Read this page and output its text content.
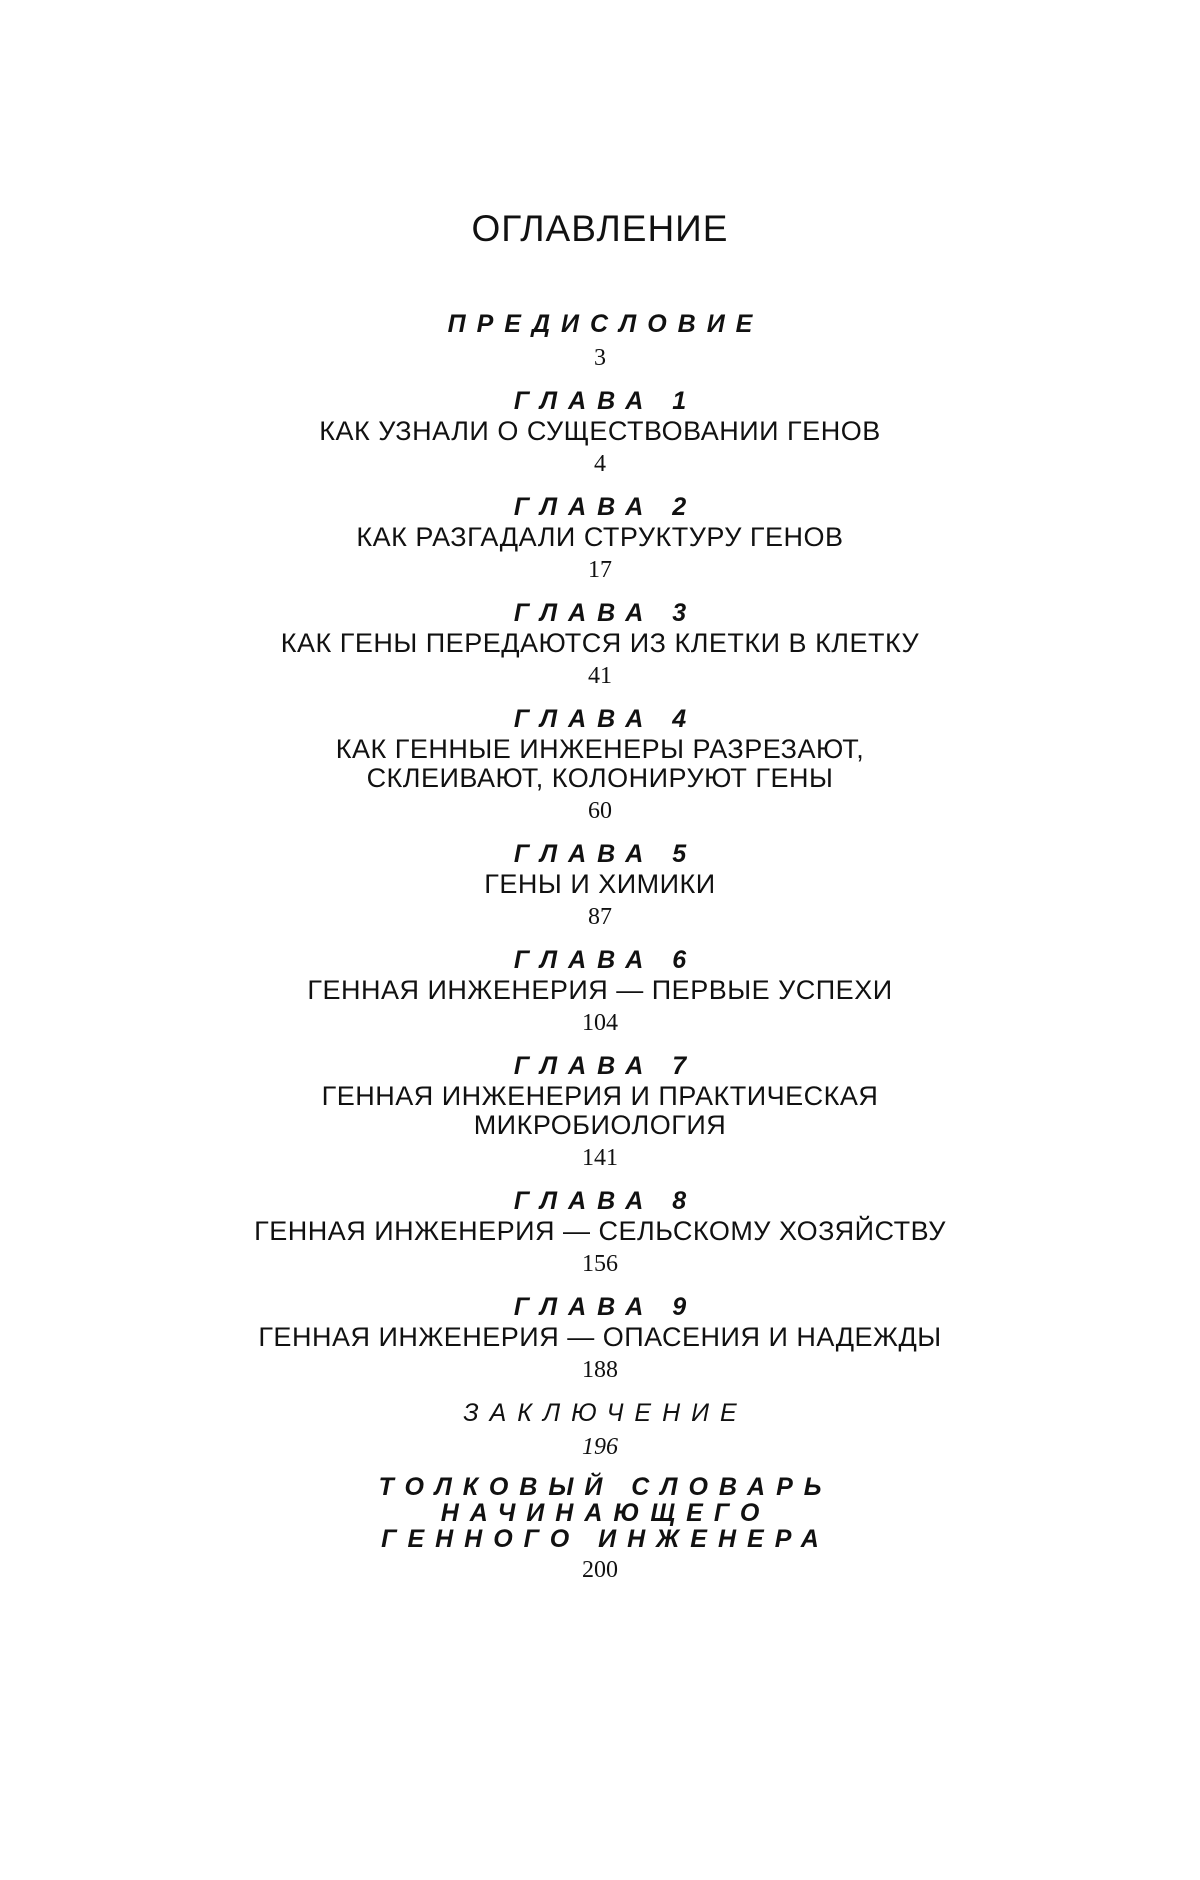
ОГЛАВЛЕНИЕ
ПРЕДИСЛОВИЕ
3
ГЛАВА 1
КАК УЗНАЛИ О СУЩЕСТВОВАНИИ ГЕНОВ
4
ГЛАВА 2
КАК РАЗГАДАЛИ СТРУКТУРУ ГЕНОВ
17
ГЛАВА 3
КАК ГЕНЫ ПЕРЕДАЮТСЯ ИЗ КЛЕТКИ В КЛЕТКУ
41
ГЛАВА 4
КАК ГЕННЫЕ ИНЖЕНЕРЫ РАЗРЕЗАЮТ,
СКЛЕИВАЮТ, КОЛОНИРУЮТ ГЕНЫ
60
ГЛАВА 5
ГЕНЫ И ХИМИКИ
87
ГЛАВА 6
ГЕННАЯ ИНЖЕНЕРИЯ — ПЕРВЫЕ УСПЕХИ
104
ГЛАВА 7
ГЕННАЯ ИНЖЕНЕРИЯ И ПРАКТИЧЕСКАЯ
МИКРОБИОЛОГИЯ
141
ГЛАВА 8
ГЕННАЯ ИНЖЕНЕРИЯ — СЕЛЬСКОМУ ХОЗЯЙСТВУ
156
ГЛАВА 9
ГЕННАЯ ИНЖЕНЕРИЯ — ОПАСЕНИЯ И НАДЕЖДЫ
188
ЗАКЛЮЧЕНИЕ
196
ТОЛКОВЫЙ СЛОВАРЬ
НАЧИНАЮЩЕГО
ГЕННОГО ИНЖЕНЕРА
200
